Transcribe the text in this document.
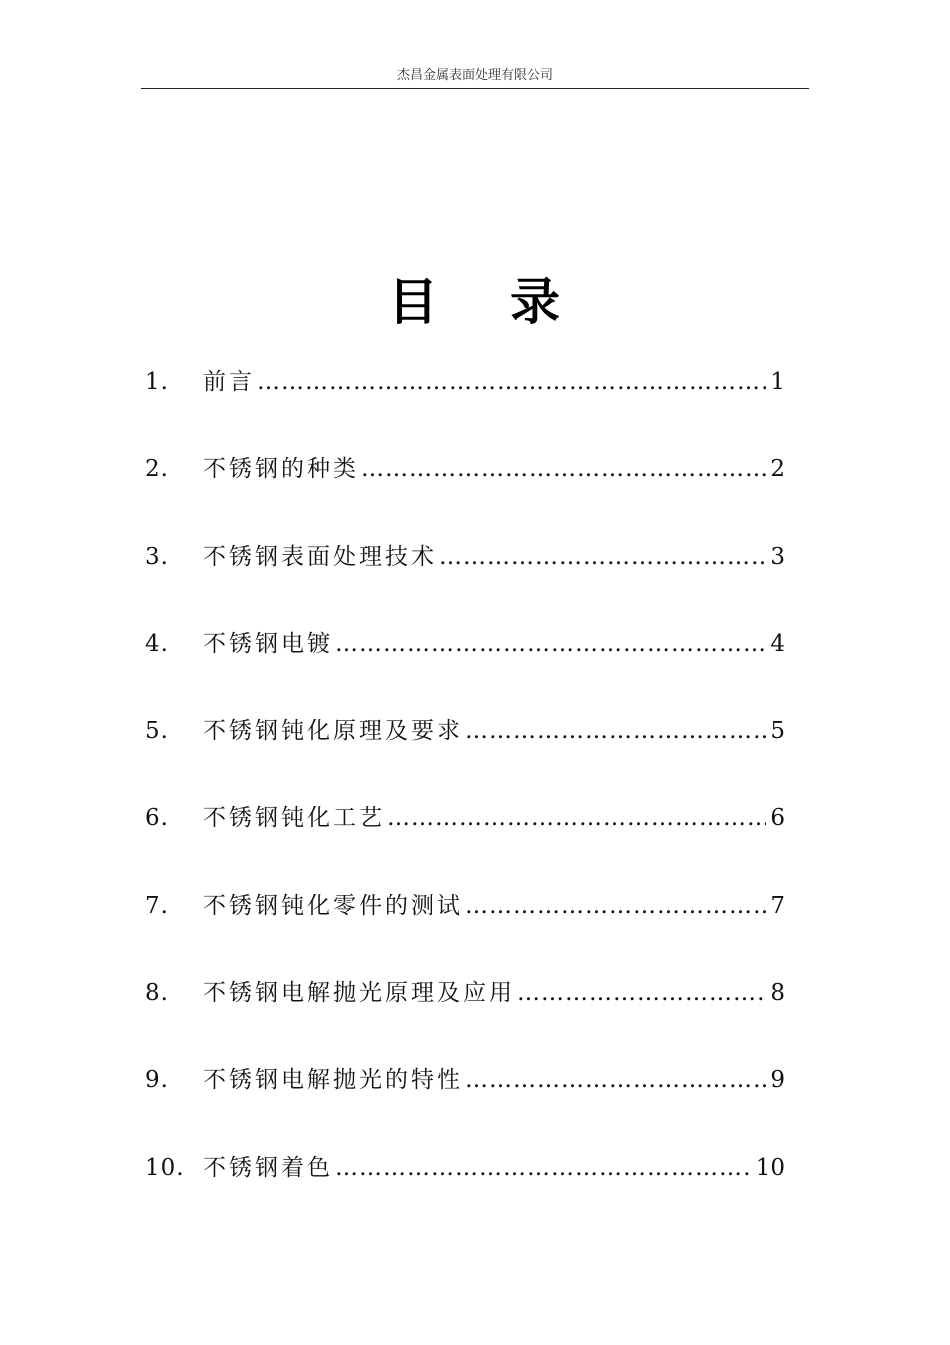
杰昌金属表面处理有限公司
目 录
1.	前言 ………………………………………………………………………………………………………………	1
2.	不锈钢的种类 ………………………………………………………………………………………………………………	2
3.	不锈钢表面处理技术 ………………………………………………………………………………………………………………	3
4.	不锈钢电镀 ………………………………………………………………………………………………………………	4
5.	不锈钢钝化原理及要求 ………………………………………………………………………………………………………………	5
6.	不锈钢钝化工艺 ………………………………………………………………………………………………………………	6
7.	不锈钢钝化零件的测试 ………………………………………………………………………………………………………………	7
8.	不锈钢电解抛光原理及应用 ………………………………………………………………………………………………………………	8
9.	不锈钢电解抛光的特性 ………………………………………………………………………………………………………………	9
10. 不锈钢着色 ………………………………………………………………………………………………………………	10
